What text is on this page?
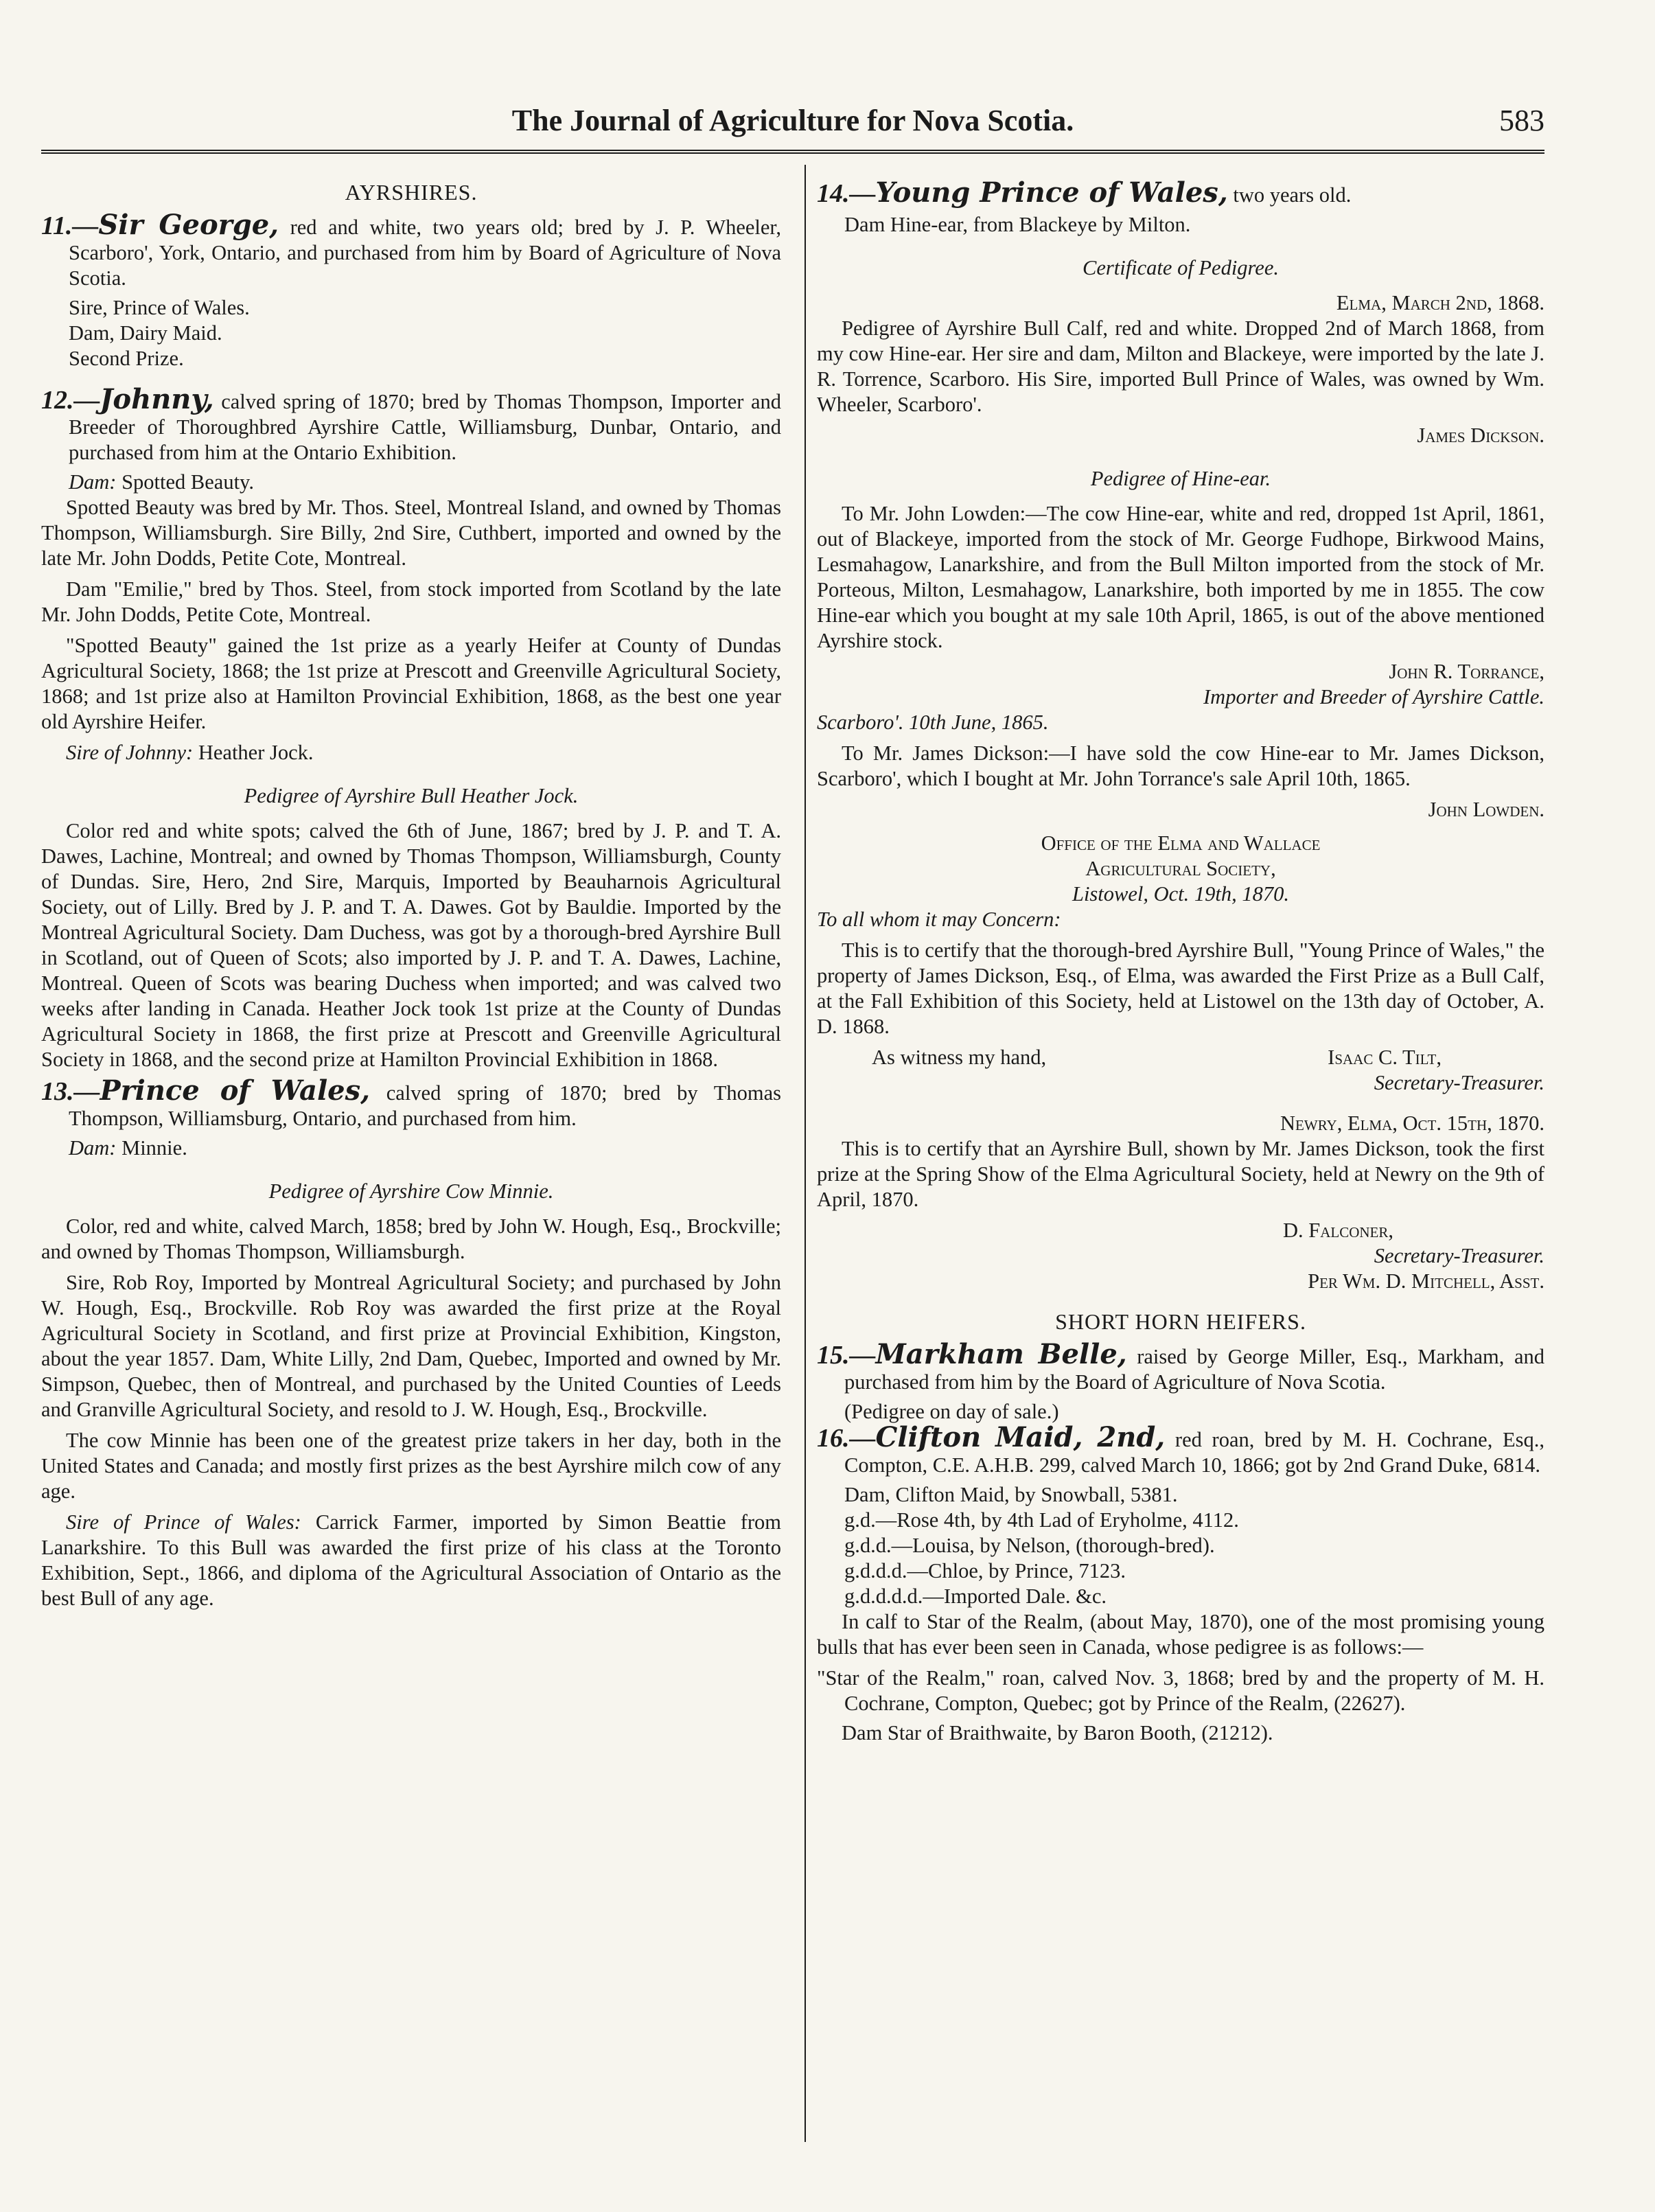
The Journal of Agriculture for Nova Scotia.	583
AYRSHIRES.

11.—Sir George, red and white, two years old; bred by J. P. Wheeler, Scarboro', York, Ontario, and purchased from him by Board of Agriculture of Nova Scotia.

Sire, Prince of Wales.

Dam, Dairy Maid.

Second Prize.

12.—Johnny, calved spring of 1870; bred by Thomas Thompson, Importer and Breeder of Thoroughbred Ayrshire Cattle, Williamsburg, Dunbar, Ontario, and purchased from him at the Ontario Exhibition.

Dam: Spotted Beauty.

Spotted Beauty was bred by Mr. Thos. Steel, Montreal Island, and owned by Thomas Thompson, Williamsburgh. Sire Billy, 2nd Sire, Cuthbert, imported and owned by the late Mr. John Dodds, Petite Cote, Montreal.

Dam "Emilie," bred by Thos. Steel, from stock imported from Scotland by the late Mr. John Dodds, Petite Cote, Montreal.

"Spotted Beauty" gained the 1st prize as a yearly Heifer at County of Dundas Agricultural Society, 1868; the 1st prize at Prescott and Greenville Agricultural Society, 1868; and 1st prize also at Hamilton Provincial Exhibition, 1868, as the best one year old Ayrshire Heifer.

Sire of Johnny: Heather Jock.

Pedigree of Ayrshire Bull Heather Jock.

Color red and white spots; calved the 6th of June, 1867; bred by J. P. and T. A. Dawes, Lachine, Montreal; and owned by Thomas Thompson, Williamsburgh, County of Dundas. Sire, Hero, 2nd Sire, Marquis, Imported by Beauharnois Agricultural Society, out of Lilly. Bred by J. P. and T. A. Dawes. Got by Bauldie. Imported by the Montreal Agricultural Society. Dam Duchess, was got by a thorough-bred Ayrshire Bull in Scotland, out of Queen of Scots; also imported by J. P. and T. A. Dawes, Lachine, Montreal. Queen of Scots was bearing Duchess when imported; and was calved two weeks after landing in Canada. Heather Jock took 1st prize at the County of Dundas Agricultural Society in 1868, the first prize at Prescott and Greenville Agricultural Society in 1868, and the second prize at Hamilton Provincial Exhibition in 1868.

13.—Prince of Wales, calved spring of 1870; bred by Thomas Thompson, Williamsburg, Ontario, and purchased from him.

Dam: Minnie.

Pedigree of Ayrshire Cow Minnie.

Color, red and white, calved March, 1858; bred by John W. Hough, Esq., Brockville; and owned by Thomas Thompson, Williamsburgh.

Sire, Rob Roy, Imported by Montreal Agricultural Society; and purchased by John W. Hough, Esq., Brockville. Rob Roy was awarded the first prize at the Royal Agricultural Society in Scotland, and first prize at Provincial Exhibition, Kingston, about the year 1857. Dam, White Lilly, 2nd Dam, Quebec, Imported and owned by Mr. Simpson, Quebec, then of Montreal, and purchased by the United Counties of Leeds and Granville Agricultural Society, and resold to J. W. Hough, Esq., Brockville.

The cow Minnie has been one of the greatest prize takers in her day, both in the United States and Canada; and mostly first prizes as the best Ayrshire milch cow of any age.

Sire of Prince of Wales: Carrick Farmer, imported by Simon Beattie from Lanarkshire. To this Bull was awarded the first prize of his class at the Toronto Exhibition, Sept., 1866, and diploma of the Agricultural Association of Ontario as the best Bull of any age.

14.—Young Prince of Wales, two years old.

Dam Hine-ear, from Blackeye by Milton.

Certificate of Pedigree.

Elma, March 2nd, 1868.

Pedigree of Ayrshire Bull Calf, red and white. Dropped 2nd of March 1868, from my cow Hine-ear. Her sire and dam, Milton and Blackeye, were imported by the late J. R. Torrence, Scarboro. His Sire, imported Bull Prince of Wales, was owned by Wm. Wheeler, Scarboro'.

James Dickson.

Pedigree of Hine-ear.

To Mr. John Lowden:—The cow Hine-ear, white and red, dropped 1st April, 1861, out of Blackeye, imported from the stock of Mr. George Fudhope, Birkwood Mains, Lesmahagow, Lanarkshire, and from the Bull Milton imported from the stock of Mr. Porteous, Milton, Lesmahagow, Lanarkshire, both imported by me in 1855. The cow Hine-ear which you bought at my sale 10th April, 1865, is out of the above mentioned Ayrshire stock.

John R. Torrance,

Importer and Breeder of Ayrshire Cattle.

Scarboro'. 10th June, 1865.

To Mr. James Dickson:—I have sold the cow Hine-ear to Mr. James Dickson, Scarboro', which I bought at Mr. John Torrance's sale April 10th, 1865.

John Lowden.

Office of the Elma and Wallace
Agricultural Society,
Listowel, Oct. 19th, 1870.

To all whom it may Concern:

This is to certify that the thorough-bred Ayrshire Bull, "Young Prince of Wales," the property of James Dickson, Esq., of Elma, was awarded the First Prize as a Bull Calf, at the Fall Exhibition of this Society, held at Listowel on the 13th day of October, A. D. 1868.

As witness my hand,	Isaac C. Tilt,

Secretary-Treasurer.

Newry, Elma, Oct. 15th, 1870.

This is to certify that an Ayrshire Bull, shown by Mr. James Dickson, took the first prize at the Spring Show of the Elma Agricultural Society, held at Newry on the 9th of April, 1870.

D. Falconer,

Secretary-Treasurer.

Per Wm. D. Mitchell, Asst.

SHORT HORN HEIFERS.

15.—Markham Belle, raised by George Miller, Esq., Markham, and purchased from him by the Board of Agriculture of Nova Scotia.

(Pedigree on day of sale.)

16.—Clifton Maid, 2nd, red roan, bred by M. H. Cochrane, Esq., Compton, C.E. A.H.B. 299, calved March 10, 1866; got by 2nd Grand Duke, 6814.

Dam, Clifton Maid, by Snowball, 5381.

g.d.—Rose 4th, by 4th Lad of Eryholme, 4112.

g.d.d.—Louisa, by Nelson, (thorough-bred).

g.d.d.d.—Chloe, by Prince, 7123.

g.d.d.d.d.—Imported Dale. &c.

In calf to Star of the Realm, (about May, 1870), one of the most promising young bulls that has ever been seen in Canada, whose pedigree is as follows:—

"Star of the Realm," roan, calved Nov. 3, 1868; bred by and the property of M. H. Cochrane, Compton, Quebec; got by Prince of the Realm, (22627).

Dam Star of Braithwaite, by Baron Booth, (21212).
